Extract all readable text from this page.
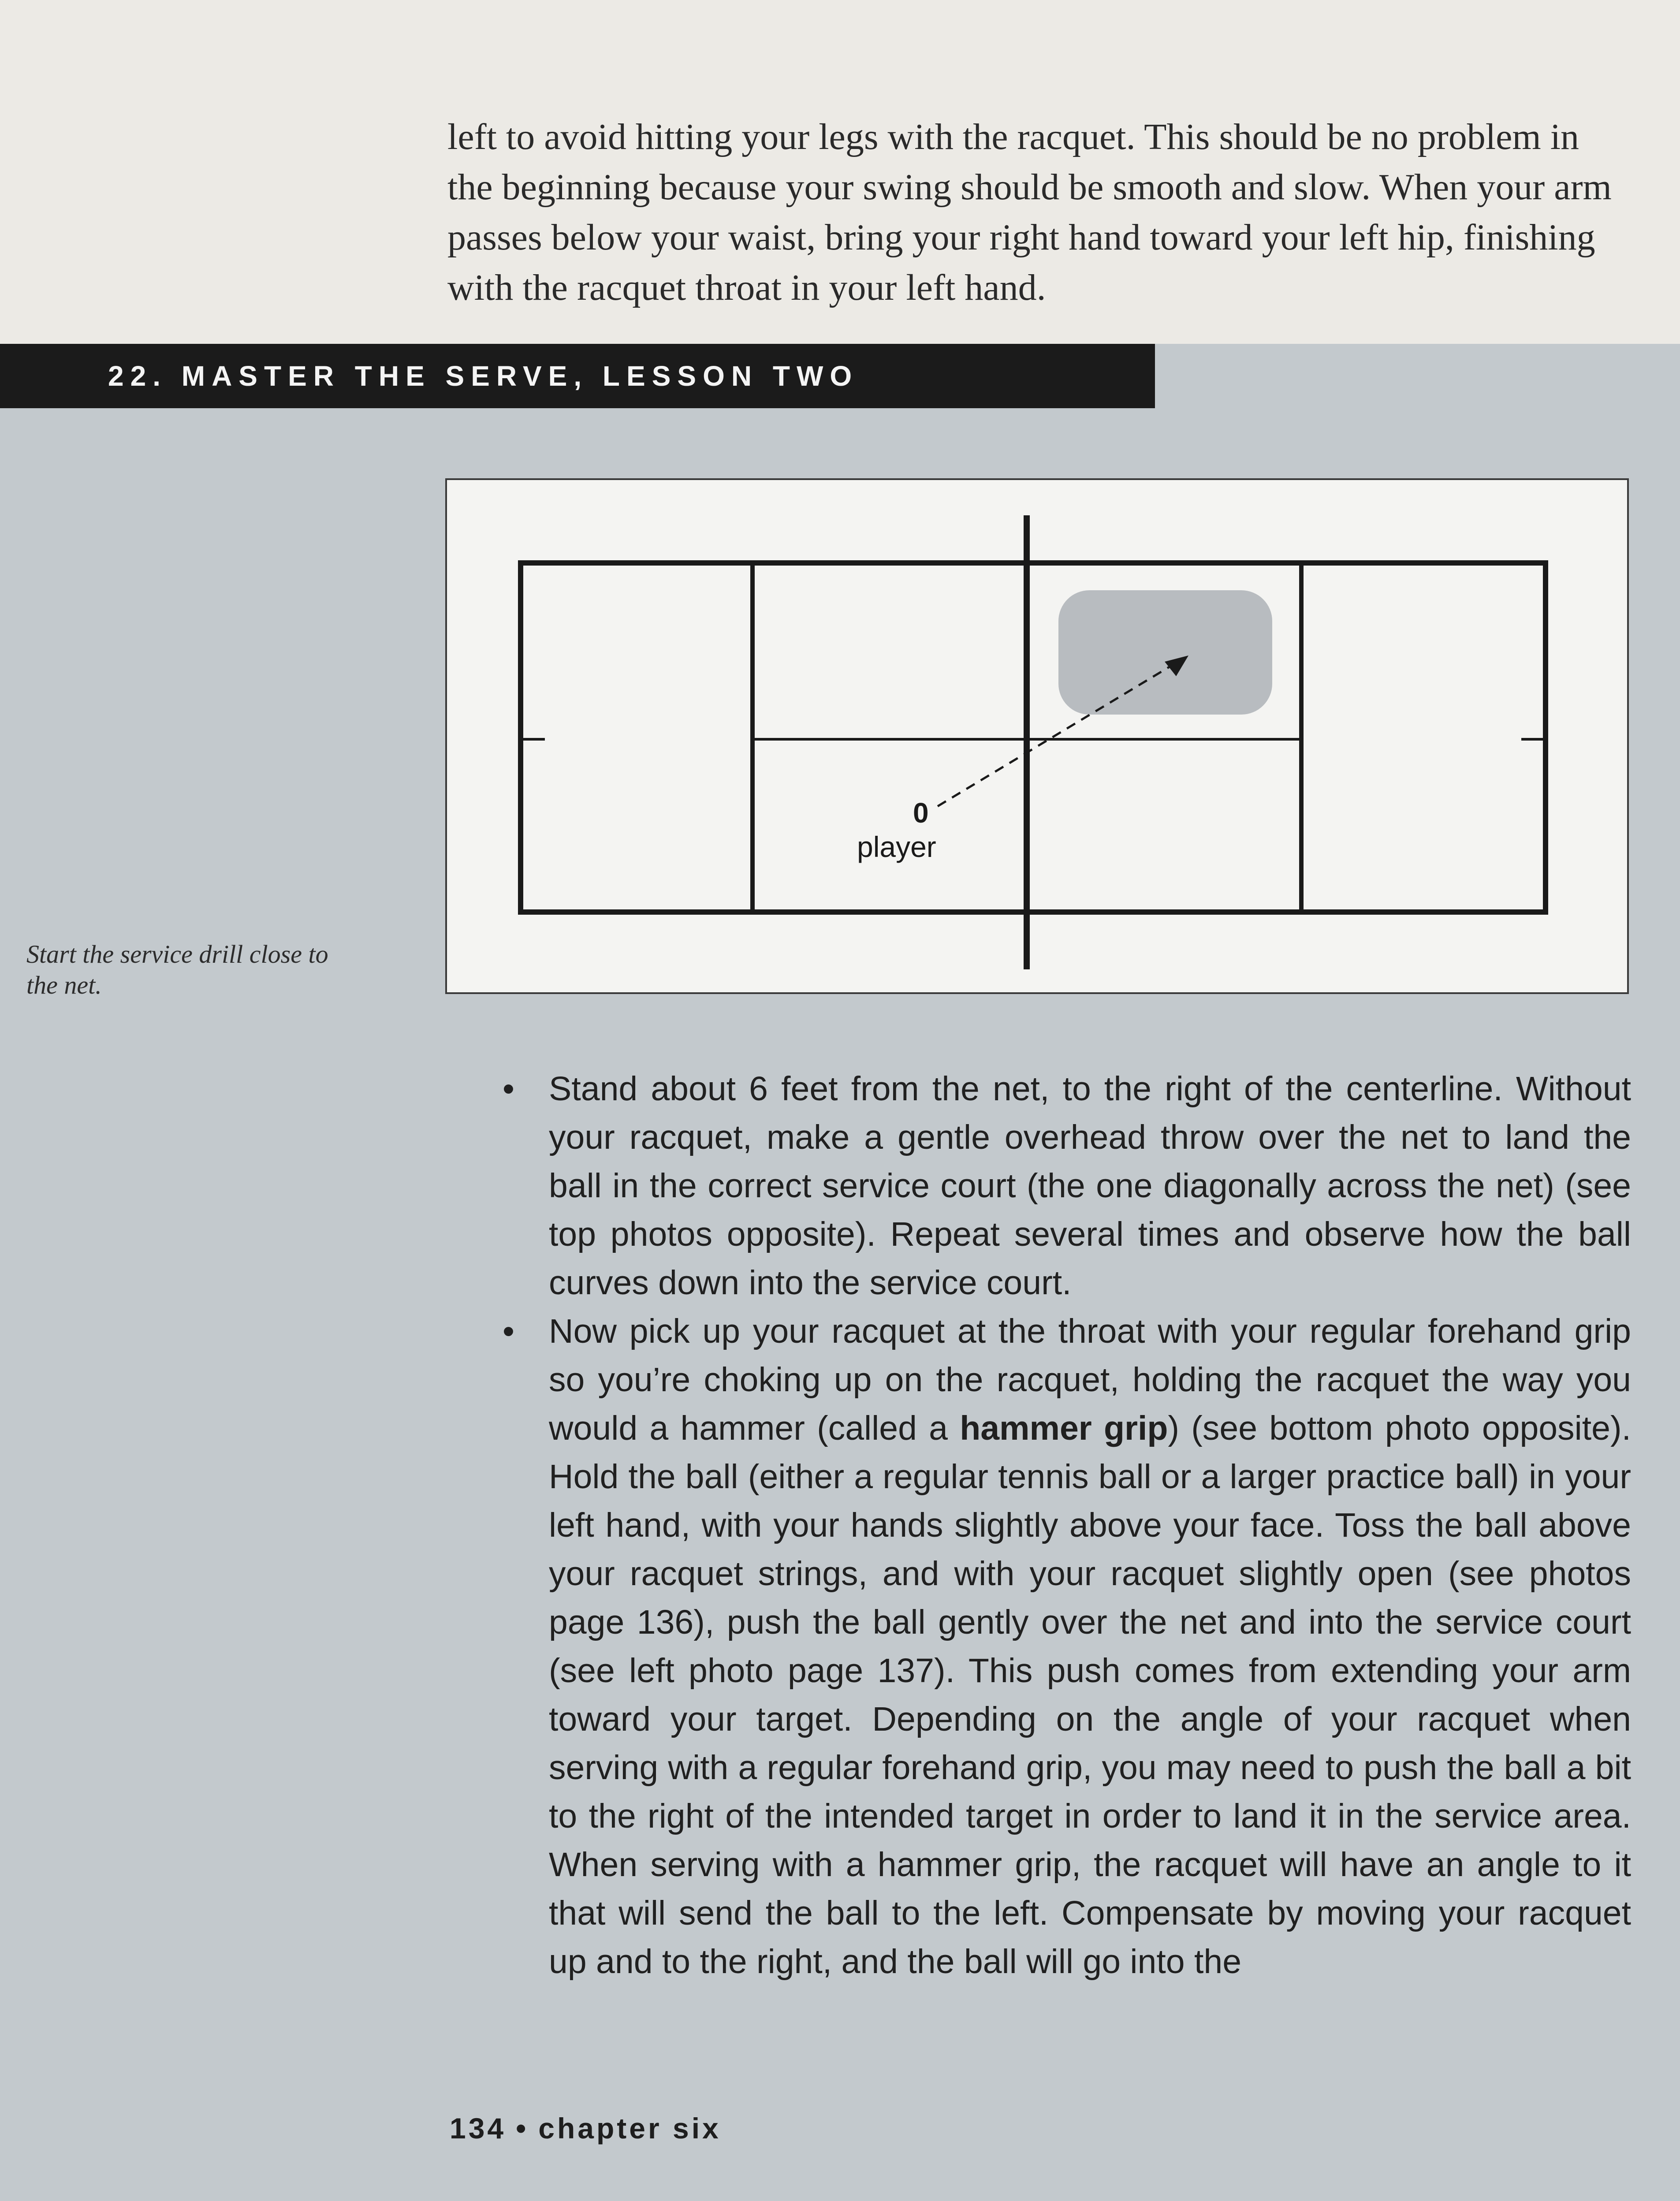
left to avoid hitting your legs with the racquet. This should be no problem in the beginning because your swing should be smooth and slow. When your arm passes below your waist, bring your right hand toward your left hip, finishing with the racquet throat in your left hand.

22. MASTER THE SERVE, LESSON TWO
Start the service drill close to the net.
0
player
• Stand about 6 feet from the net, to the right of the centerline. Without your racquet, make a gentle overhead throw over the net to land the ball in the correct service court (the one diagonally across the net) (see top photos opposite). Repeat several times and observe how the ball curves down into the service court.
• Now pick up your racquet at the throat with your regular forehand grip so you’re choking up on the racquet, holding the racquet the way you would a hammer (called a hammer grip) (see bottom photo opposite). Hold the ball (either a regular tennis ball or a larger practice ball) in your left hand, with your hands slightly above your face. Toss the ball above your racquet strings, and with your racquet slightly open (see photos page 136), push the ball gently over the net and into the service court (see left photo page 137). This push comes from extending your arm toward your target. Depending on the angle of your racquet when serving with a regular forehand grip, you may need to push the ball a bit to the right of the intended target in order to land it in the service area. When serving with a hammer grip, the racquet will have an angle to it that will send the ball to the left. Compensate by moving your racquet up and to the right, and the ball will go into the
134 • chapter six
